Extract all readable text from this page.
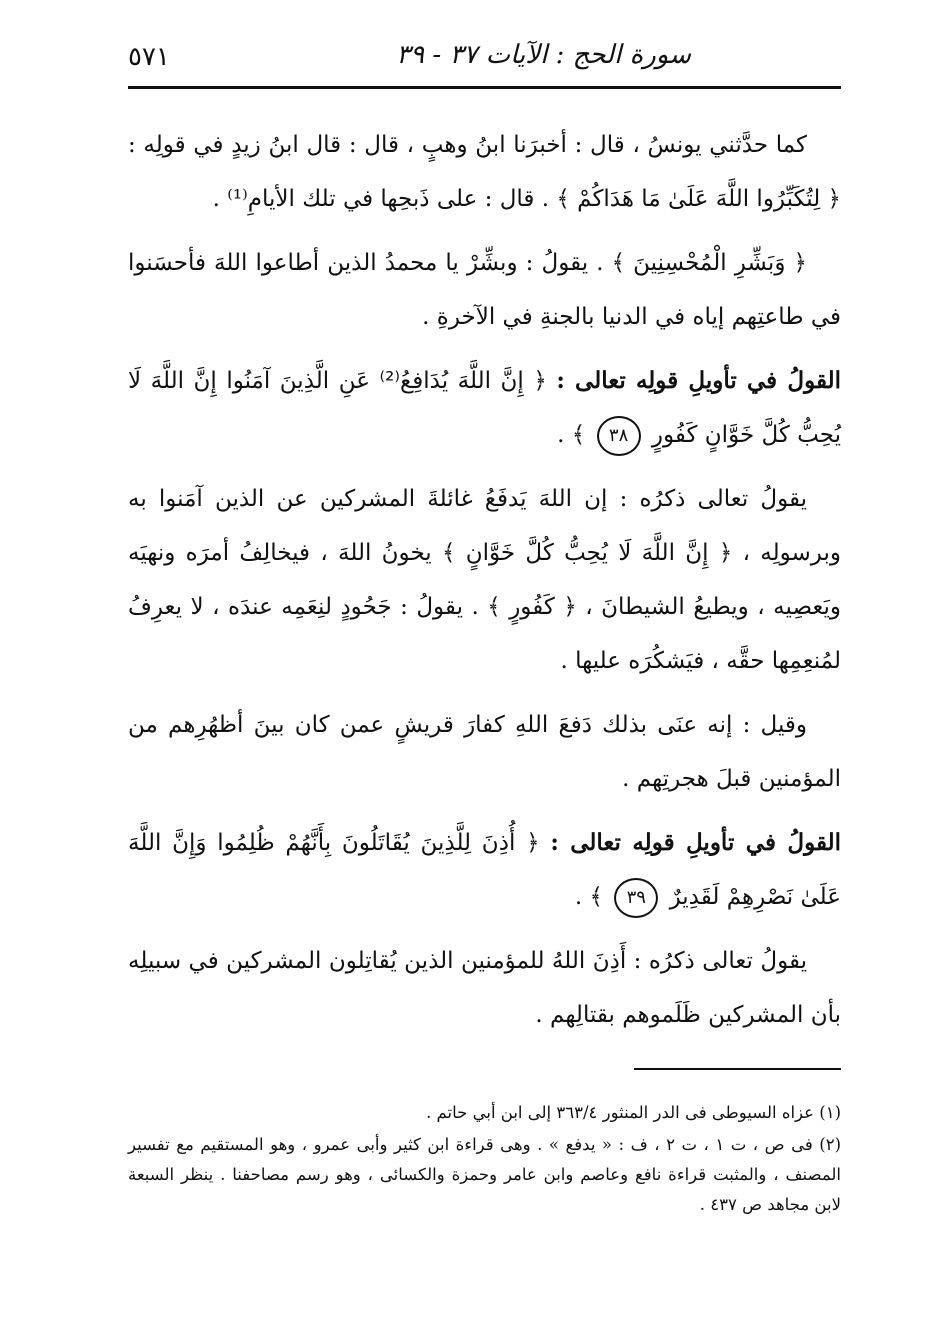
٥٧١	سورة الحج : الآيات ٣٧ - ٣٩

كما حدَّثني يونسُ ، قال : أخبرَنا ابنُ وهبٍ ، قال : قال ابنُ زيدٍ في قولِه : ﴿ لِتُكَبِّرُوا اللَّهَ عَلَىٰ مَا هَدَاكُمْ ﴾ . قال : على ذَبحِها في تلك الأيامِ⁽¹⁾ .

﴿ وَبَشِّرِ الْمُحْسِنِينَ ﴾ . يقولُ : وبشِّرْ يا محمدُ الذين أطاعوا اللهَ فأحسَنوا في طاعتِهم إياه في الدنيا بالجنةِ في الآخرةِ .

القولُ في تأويلِ قولِه تعالى : ﴿ إِنَّ اللَّهَ يُدَافِعُ⁽²⁾ عَنِ الَّذِينَ آمَنُوا إِنَّ اللَّهَ لَا يُحِبُّ كُلَّ خَوَّانٍ كَفُورٍ ٣٨ ﴾ .

يقولُ تعالى ذكرُه : إن اللهَ يَدفَعُ غائلةَ المشركين عن الذين آمَنوا به وبرسولِه ، ﴿ إِنَّ اللَّهَ لَا يُحِبُّ كُلَّ خَوَّانٍ ﴾ يخونُ اللهَ ، فيخالِفُ أمرَه ونهيَه ويَعصِيه ، ويطيعُ الشيطانَ ، ﴿ كَفُورٍ ﴾ . يقولُ : جَحُودٍ لنِعَمِه عندَه ، لا يعرِفُ لمُنعِمِها حقَّه ، فيَشكُرَه عليها .

وقيل : إنه عنَى بذلك دَفعَ اللهِ كفارَ قريشٍ عمن كان بينَ أظهُرِهم من المؤمنين قبلَ هجرتِهم .

القولُ في تأويلِ قولِه تعالى : ﴿ أُذِنَ لِلَّذِينَ يُقَاتَلُونَ بِأَنَّهُمْ ظُلِمُوا وَإِنَّ اللَّهَ عَلَىٰ نَصْرِهِمْ لَقَدِيرٌ ٣٩ ﴾ .

يقولُ تعالى ذكرُه : أَذِنَ اللهُ للمؤمنين الذين يُقاتِلون المشركين في سبيلِه بأن المشركين ظَلَموهم بقتالِهم .

(١) عزاه السيوطى فى الدر المنثور ٣٦٣/٤ إلى ابن أبي حاتم .

(٢) فى ص ، ت ١ ، ت ٢ ، ف : « يدفع » . وهى قراءة ابن كثير وأبى عمرو ، وهو المستقيم مع تفسير المصنف ، والمثبت قراءة نافع وعاصم وابن عامر وحمزة والكسائى ، وهو رسم مصاحفنا . ينظر السبعة لابن مجاهد ص ٤٣٧ .
